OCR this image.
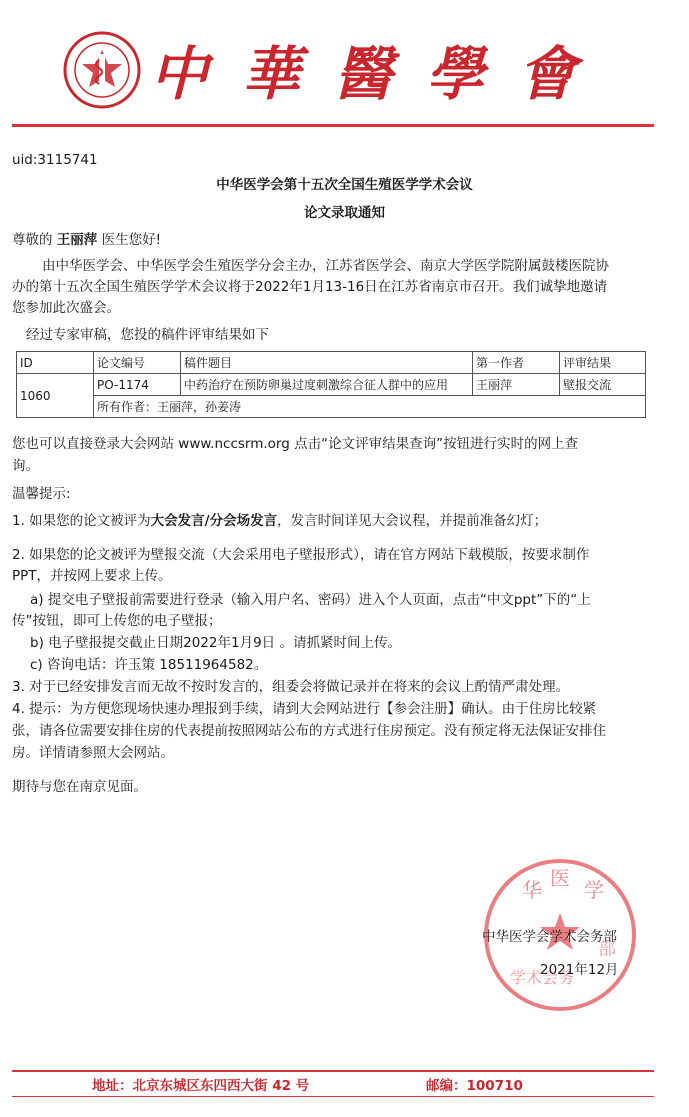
中華醫學會
uid:3115741
中华医学会第十五次全国生殖医学学术会议
论文录取通知
尊敬的 王丽萍 医生您好!
由中华医学会、中华医学会生殖医学分会主办，江苏省医学会、南京大学医学院附属鼓楼医院协
办的第十五次全国生殖医学学术会议将于2022年1月13-16日在江苏省南京市召开。我们诚挚地邀请
您参加此次盛会。
经过专家审稿，您投的稿件评审结果如下
ID	论文编号	稿件题目	第一作者	评审结果
1060	PO-1174	中药治疗在预防卵巢过度刺激综合征人群中的应用	王丽萍	壁报交流
	所有作者：王丽萍，孙姜涛			
您也可以直接登录大会网站 www.nccsrm.org 点击“论文评审结果查询”按钮进行实时的网上查
询。
温馨提示:
1. 如果您的论文被评为大会发言/分会场发言，发言时间详见大会议程，并提前准备幻灯；
2. 如果您的论文被评为壁报交流（大会采用电子壁报形式），请在官方网站下载模版，按要求制作
PPT，并按网上要求上传。
a) 提交电子壁报前需要进行登录（输入用户名、密码）进入个人页面，点击“中文ppt”下的“上
传”按钮，即可上传您的电子壁报；
b) 电子壁报提交截止日期2022年1月9日 。请抓紧时间上传。
c) 咨询电话：许玉策 18511964582。
3. 对于已经安排发言而无故不按时发言的，组委会将做记录并在将来的会议上酌情严肃处理。
4. 提示：为方便您现场快速办理报到手续，请到大会网站进行【参会注册】确认。由于住房比较紧
张，请各位需要安排住房的代表提前按照网站公布的方式进行住房预定。没有预定将无法保证安排住
房。详情请参照大会网站。
期待与您在南京见面。
华 医 学
部
学术会务
中华医学会学术会务部
2021年12月
地址：北京东城区东四西大街 42 号	邮编：100710
